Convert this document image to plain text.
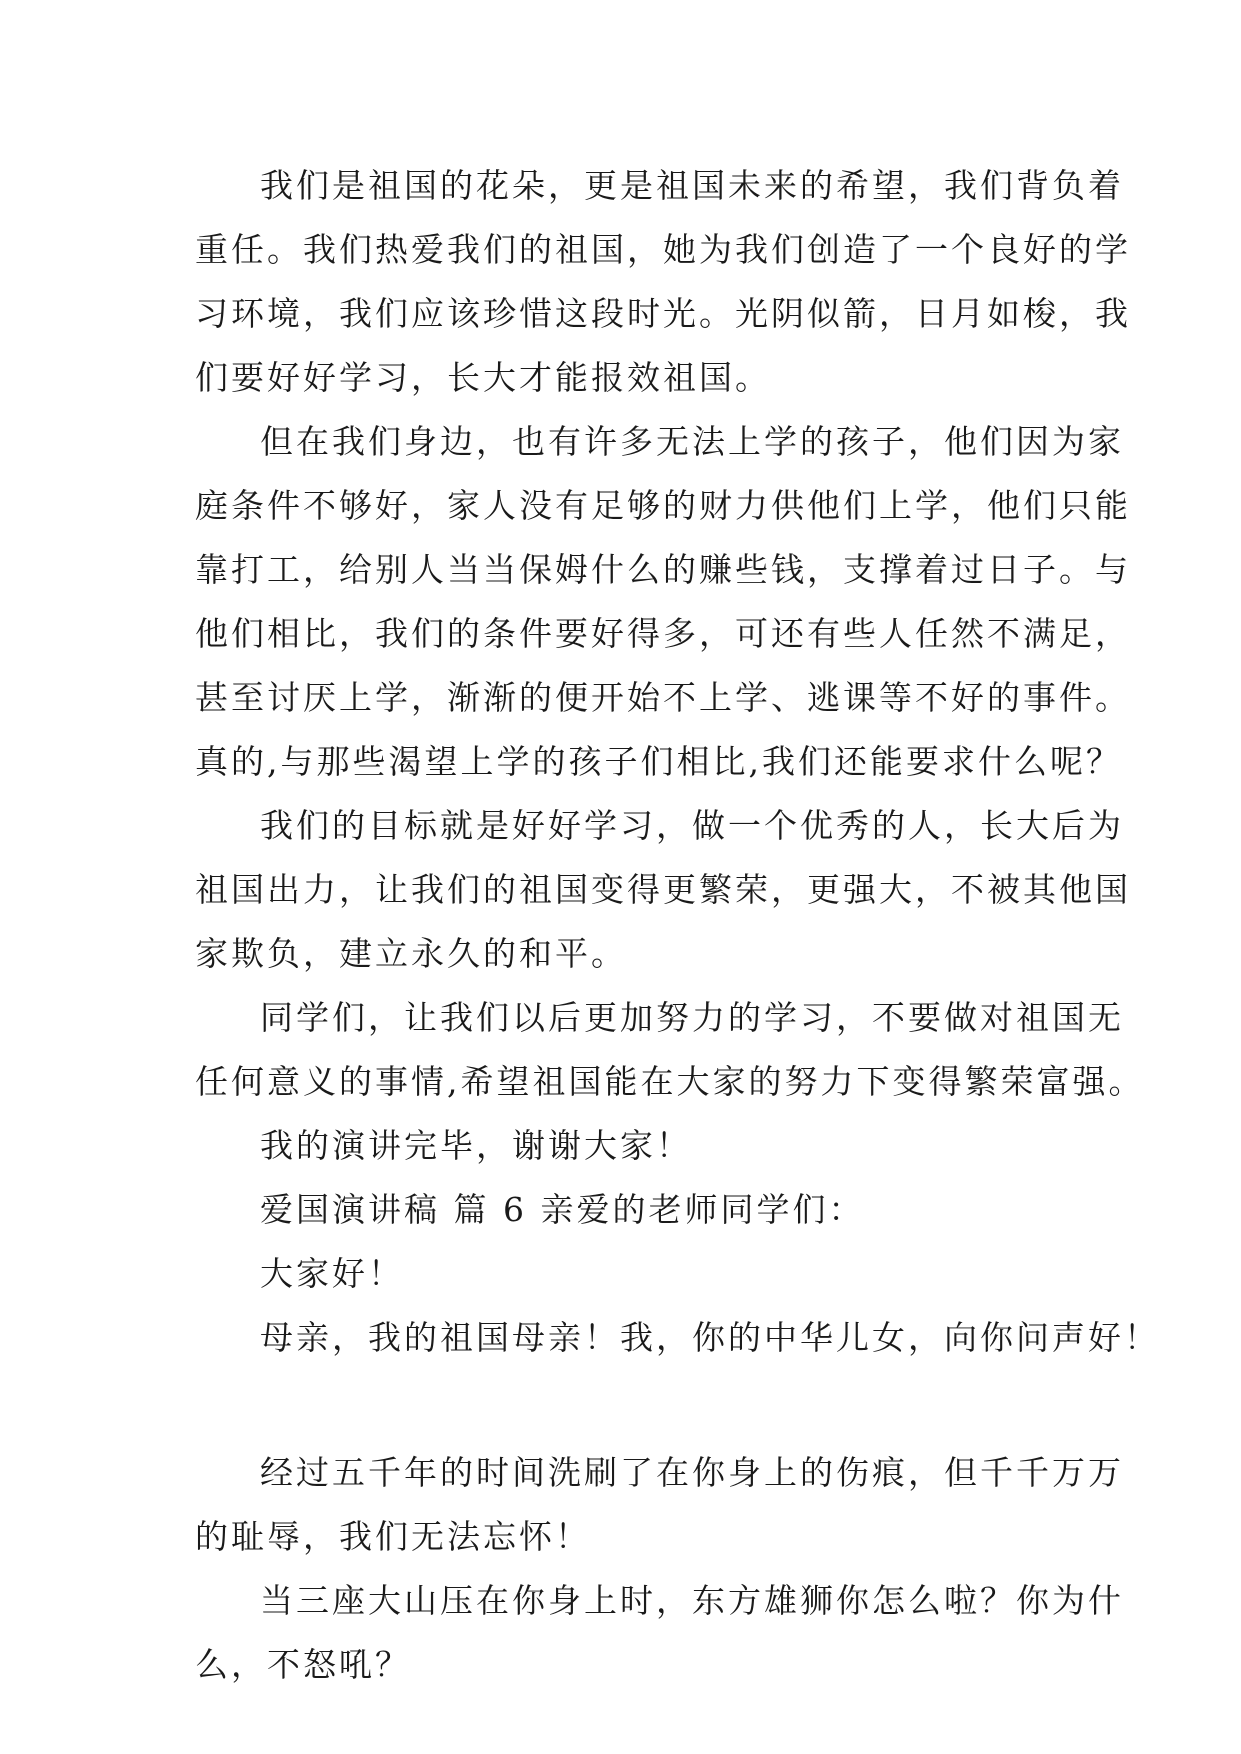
我们是祖国的花朵，更是祖国未来的希望，我们背负着
重任。我们热爱我们的祖国，她为我们创造了一个良好的学
习环境，我们应该珍惜这段时光。光阴似箭，日月如梭，我
们要好好学习，长大才能报效祖国。
但在我们身边，也有许多无法上学的孩子，他们因为家
庭条件不够好，家人没有足够的财力供他们上学，他们只能
靠打工，给别人当当保姆什么的赚些钱，支撑着过日子。与
他们相比，我们的条件要好得多，可还有些人任然不满足，
甚至讨厌上学，渐渐的便开始不上学、逃课等不好的事件。
真的,与那些渴望上学的孩子们相比,我们还能要求什么呢？
我们的目标就是好好学习，做一个优秀的人，长大后为
祖国出力，让我们的祖国变得更繁荣，更强大，不被其他国
家欺负，建立永久的和平。
同学们，让我们以后更加努力的学习，不要做对祖国无
任何意义的事情,希望祖国能在大家的努力下变得繁荣富强。
我的演讲完毕，谢谢大家！
爱国演讲稿 篇 6 亲爱的老师同学们：
大家好！
母亲，我的祖国母亲！我，你的中华儿女，向你问声好！
经过五千年的时间洗刷了在你身上的伤痕，但千千万万
的耻辱，我们无法忘怀！
当三座大山压在你身上时，东方雄狮你怎么啦？你为什
么，不怒吼？
